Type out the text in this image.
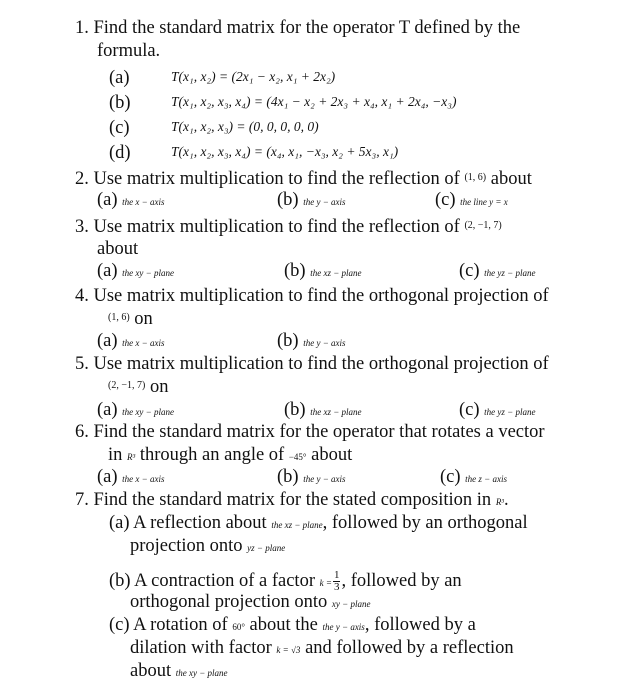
1. Find the standard matrix for the operator T defined by the
formula.
(a)	T(x₁, x₂) = (2x₁ − x₂, x₁ + 2x₂)
(b)	T(x₁, x₂, x₃, x₄) = (4x₁ − x₂ + 2x₃ + x₄, x₁ + 2x₄, −x₃)
(c)	T(x₁, x₂, x₃) = (0, 0, 0, 0, 0)
(d)	T(x₁, x₂, x₃, x₄) = (x₄, x₁, −x₃, x₂ + 5x₃, x₁)
2. Use matrix multiplication to find the reflection of $^{(1, 6)}$ about
(a) the x − axis	(b) the y − axis	(c) the line y = x
3. Use matrix multiplication to find the reflection of $^{(2, -1, 7)}$
about
(a) the xy − plane	(b) the xz − plane	(c) the yz − plane
4. Use matrix multiplication to find the orthogonal projection of
$^{(1, 6)}$ on
(a) the x − axis	(b) the y − axis
5. Use matrix multiplication to find the orthogonal projection of
$^{(2, -1, 7)}$ on
(a) the xy − plane	(b) the xz − plane	(c) the yz − plane
6. Find the standard matrix for the operator that rotates a vector
in R³ through an angle of −45° about
(a) the x − axis	(b) the y − axis	(c) the z − axis
7. Find the standard matrix for the stated composition in R³.
(a) A reflection about the xz − plane, followed by an orthogonal
projection onto yz − plane
(b) A contraction of a factor $k = \frac{1}{3}$ , followed by an
orthogonal projection onto xy − plane
(c) A rotation of 60° about the the y − axis, followed by a
dilation with factor k = √3 and followed by a reflection
about the xy − plane
